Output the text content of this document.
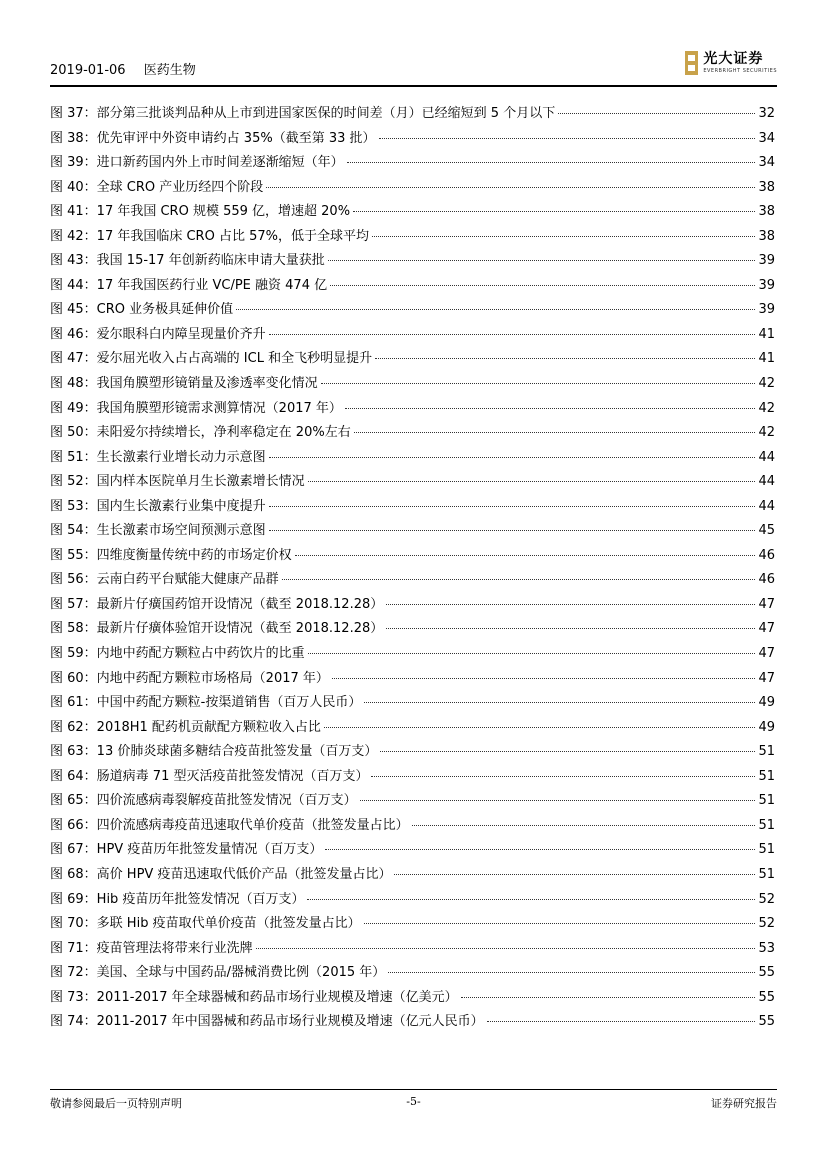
2019-01-06 医药生物
光大证券
EVERBRIGHT SECURITIES
图 37：部分第三批谈判品种从上市到进国家医保的时间差（月）已经缩短到 5 个月以下	32
图 38：优先审评中外资申请约占 35%（截至第 33 批）	34
图 39：进口新药国内外上市时间差逐渐缩短（年）	34
图 40：全球 CRO 产业历经四个阶段	38
图 41：17 年我国 CRO 规模 559 亿，增速超 20%	38
图 42：17 年我国临床 CRO 占比 57%，低于全球平均	38
图 43：我国 15-17 年创新药临床申请大量获批	39
图 44：17 年我国医药行业 VC/PE 融资 474 亿	39
图 45：CRO 业务极具延伸价值	39
图 46：爱尔眼科白内障呈现量价齐升	41
图 47：爱尔屈光收入占占高端的 ICL 和全飞秒明显提升	41
图 48：我国角膜塑形镜销量及渗透率变化情况	42
图 49：我国角膜塑形镜需求测算情况（2017 年）	42
图 50：耒阳爱尔持续增长，净利率稳定在 20%左右	42
图 51：生长激素行业增长动力示意图	44
图 52：国内样本医院单月生长激素增长情况	44
图 53：国内生长激素行业集中度提升	44
图 54：生长激素市场空间预测示意图	45
图 55：四维度衡量传统中药的市场定价权	46
图 56：云南白药平台赋能大健康产品群	46
图 57：最新片仔癀国药馆开设情况（截至 2018.12.28）	47
图 58：最新片仔癀体验馆开设情况（截至 2018.12.28）	47
图 59：内地中药配方颗粒占中药饮片的比重	47
图 60：内地中药配方颗粒市场格局（2017 年）	47
图 61：中国中药配方颗粒-按渠道销售（百万人民币）	49
图 62：2018H1 配药机贡献配方颗粒收入占比	49
图 63：13 价肺炎球菌多糖结合疫苗批签发量（百万支）	51
图 64：肠道病毒 71 型灭活疫苗批签发情况（百万支）	51
图 65：四价流感病毒裂解疫苗批签发情况（百万支）	51
图 66：四价流感病毒疫苗迅速取代单价疫苗（批签发量占比）	51
图 67：HPV 疫苗历年批签发量情况（百万支）	51
图 68：高价 HPV 疫苗迅速取代低价产品（批签发量占比）	51
图 69：Hib 疫苗历年批签发情况（百万支）	52
图 70：多联 Hib 疫苗取代单价疫苗（批签发量占比）	52
图 71：疫苗管理法将带来行业洗牌	53
图 72：美国、全球与中国药品/器械消费比例（2015 年）	55
图 73：2011-2017 年全球器械和药品市场行业规模及增速（亿美元）	55
图 74：2011-2017 年中国器械和药品市场行业规模及增速（亿元人民币）	55
敬请参阅最后一页特别声明	-5-	证券研究报告
